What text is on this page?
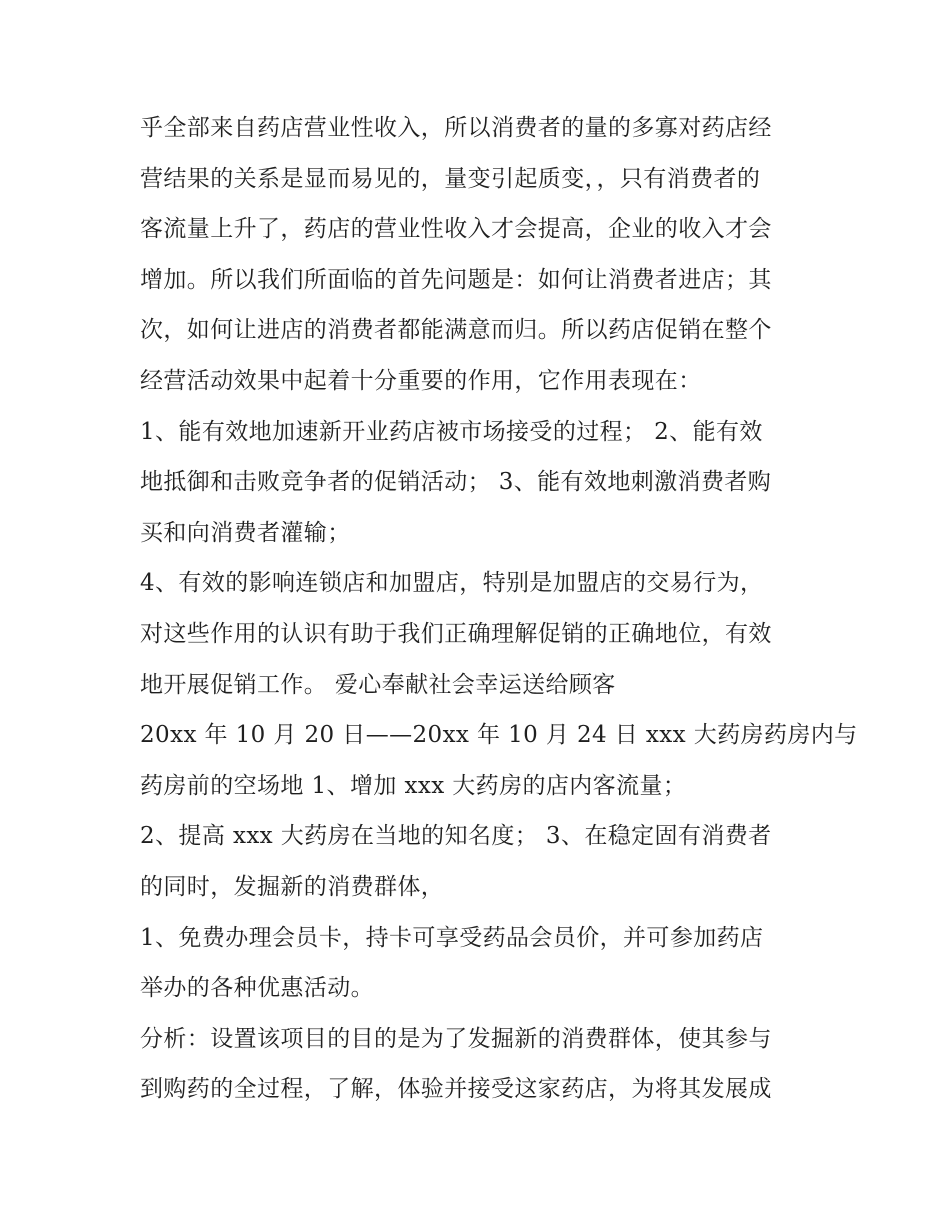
乎全部来自药店营业性收入，所以消费者的量的多寡对药店经
营结果的关系是显而易见的，量变引起质变，，只有消费者的
客流量上升了，药店的营业性收入才会提高，企业的收入才会
增加。所以我们所面临的首先问题是：如何让消费者进店；其
次，如何让进店的消费者都能满意而归。所以药店促销在整个
经营活动效果中起着十分重要的作用，它作用表现在：
1、能有效地加速新开业药店被市场接受的过程； 2、能有效
地抵御和击败竞争者的促销活动； 3、能有效地刺激消费者购
买和向消费者灌输；
4、有效的影响连锁店和加盟店，特别是加盟店的交易行为，
对这些作用的认识有助于我们正确理解促销的正确地位，有效
地开展促销工作。 爱心奉献社会幸运送给顾客
20xx 年 10 月 20 日——20xx 年 10 月 24 日 xxx 大药房药房内与
药房前的空场地 1、增加 xxx 大药房的店内客流量；
2、提高 xxx 大药房在当地的知名度； 3、在稳定固有消费者
的同时，发掘新的消费群体，
1、免费办理会员卡，持卡可享受药品会员价，并可参加药店
举办的各种优惠活动。
分析：设置该项目的目的是为了发掘新的消费群体，使其参与
到购药的全过程，了解，体验并接受这家药店，为将其发展成
